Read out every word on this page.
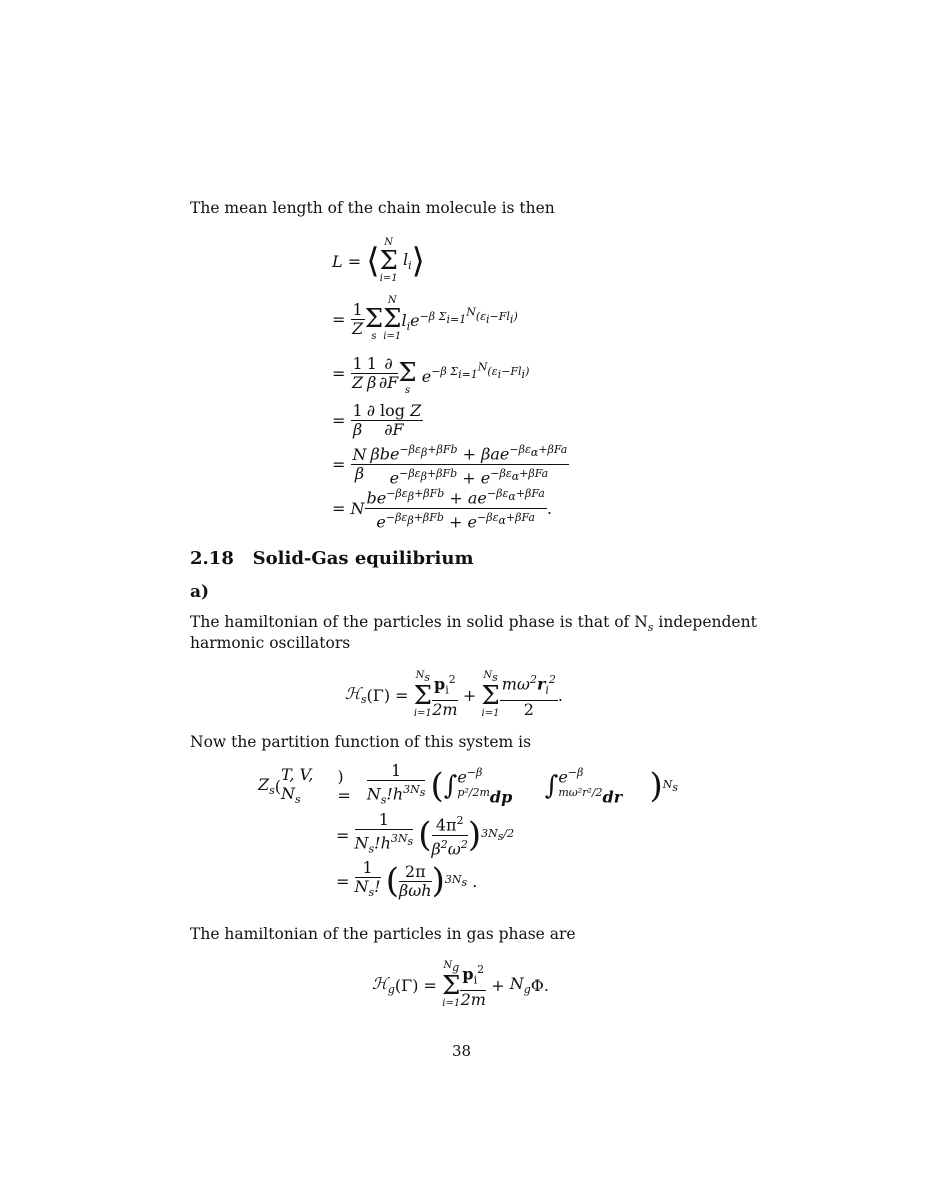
The mean length of the chain molecule is then
L = ⟨ N
Σ
i=1
$l_i$ ⟩
= $\frac{1}{Z}$
Σ
s
N
Σ
i=1
$l_ie^{-\beta \Sigma_{i=1}^N(\varepsilon_i-Fl_i)}$
= $\frac{1}{Z} \frac{1}{\beta} \frac{\partial}{\partial F}$
Σ
s
$e^{-\beta \Sigma_{i=1}^N(\varepsilon_i-Fl_i)}$
= $\frac{1}{\beta} \frac{\text{∂ log Z}}{\partial F}$
= $\frac{N}{\beta} \frac{\beta be^{-\beta\varepsilon_\beta+\beta Fb} + \beta ae^{-\beta\varepsilon_\alpha+\beta Fa}}{e^{-\beta\varepsilon_\beta+\beta Fb} + e^{-\beta\varepsilon_\alpha+\beta Fa}}$
= N $\frac{be^{-\beta\varepsilon_\beta+\beta Fb} + ae^{-\beta\varepsilon_\alpha+\beta Fa}}{e^{-\beta\varepsilon_\beta+\beta Fb} + e^{-\beta\varepsilon_\alpha+\beta Fa}}$ .
2.18 Solid-Gas equilibrium
a)
The hamiltonian of the particles in solid phase is that of $N_s$ independent
harmonic oscillators
ℋ$_s$ (Γ) =
$N_s$
Σ
$i=1 \frac{p_i^2}{2m}$ +
$N_s$
Σ
$i=1 \frac{m\omega^2r_i^2}{2}$ .
Now the partition function of this system is
$Z_s$ (
T, V, $N_s$
) = $\frac{1}{N_s!h^{3N_s}}$
( ∫ $e^{-\beta p^2/2m}dp$
	∫ $e^{-\beta m\omega^2r^2/2}dr$ ) $N_s$
= $\frac{1}{N_s!h^{3N_s}}$
( $\frac{4\pi^2}{\beta^2\omega^2}$ ) $3N_s/2$
= $\frac{1}{N_s!}$
( $\frac{2\pi}{\text{βωh}}$ ) $3N_s$ .
The hamiltonian of the particles in gas phase are
ℋ$_g$ (Γ) =
$N_g$
Σ
$i=1 \frac{p_i^2}{2m} + N_g$ Φ.
38
